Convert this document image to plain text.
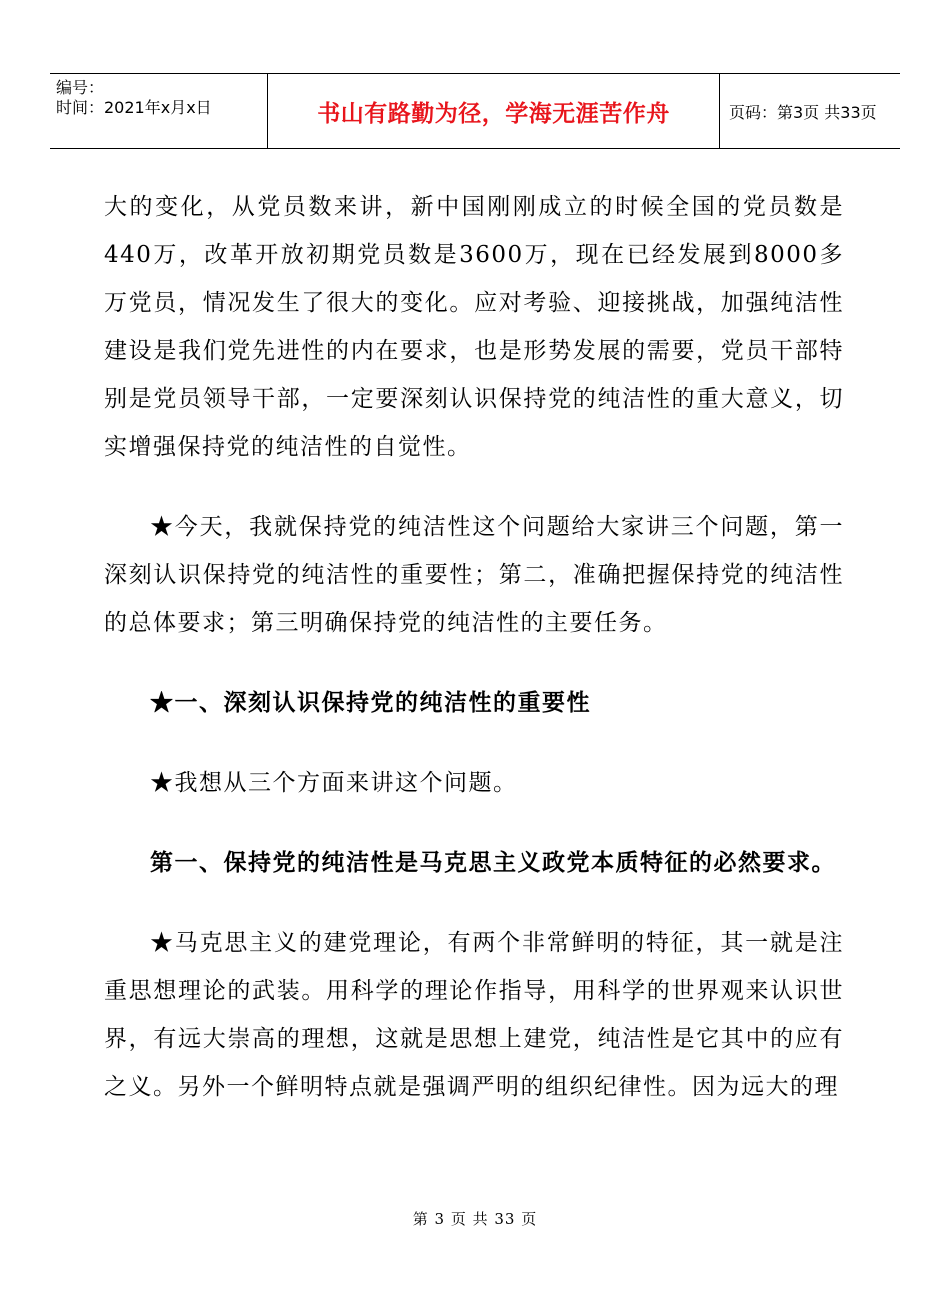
编号：
时间：2021年x月x日	书山有路勤为径，学海无涯苦作舟	页码：第3页 共33页

大的变化，从党员数来讲，新中国刚刚成立的时候全国的党员数是440万，改革开放初期党员数是3600万，现在已经发展到8000多万党员，情况发生了很大的变化。应对考验、迎接挑战，加强纯洁性建设是我们党先进性的内在要求，也是形势发展的需要，党员干部特别是党员领导干部，一定要深刻认识保持党的纯洁性的重大意义，切实增强保持党的纯洁性的自觉性。

★今天，我就保持党的纯洁性这个问题给大家讲三个问题，第一深刻认识保持党的纯洁性的重要性；第二，准确把握保持党的纯洁性的总体要求；第三明确保持党的纯洁性的主要任务。

★一、深刻认识保持党的纯洁性的重要性

★我想从三个方面来讲这个问题。

第一、保持党的纯洁性是马克思主义政党本质特征的必然要求。

★马克思主义的建党理论，有两个非常鲜明的特征，其一就是注重思想理论的武装。用科学的理论作指导，用科学的世界观来认识世界，有远大崇高的理想，这就是思想上建党，纯洁性是它其中的应有之义。另外一个鲜明特点就是强调严明的组织纪律性。因为远大的理

第 3 页 共 33 页
